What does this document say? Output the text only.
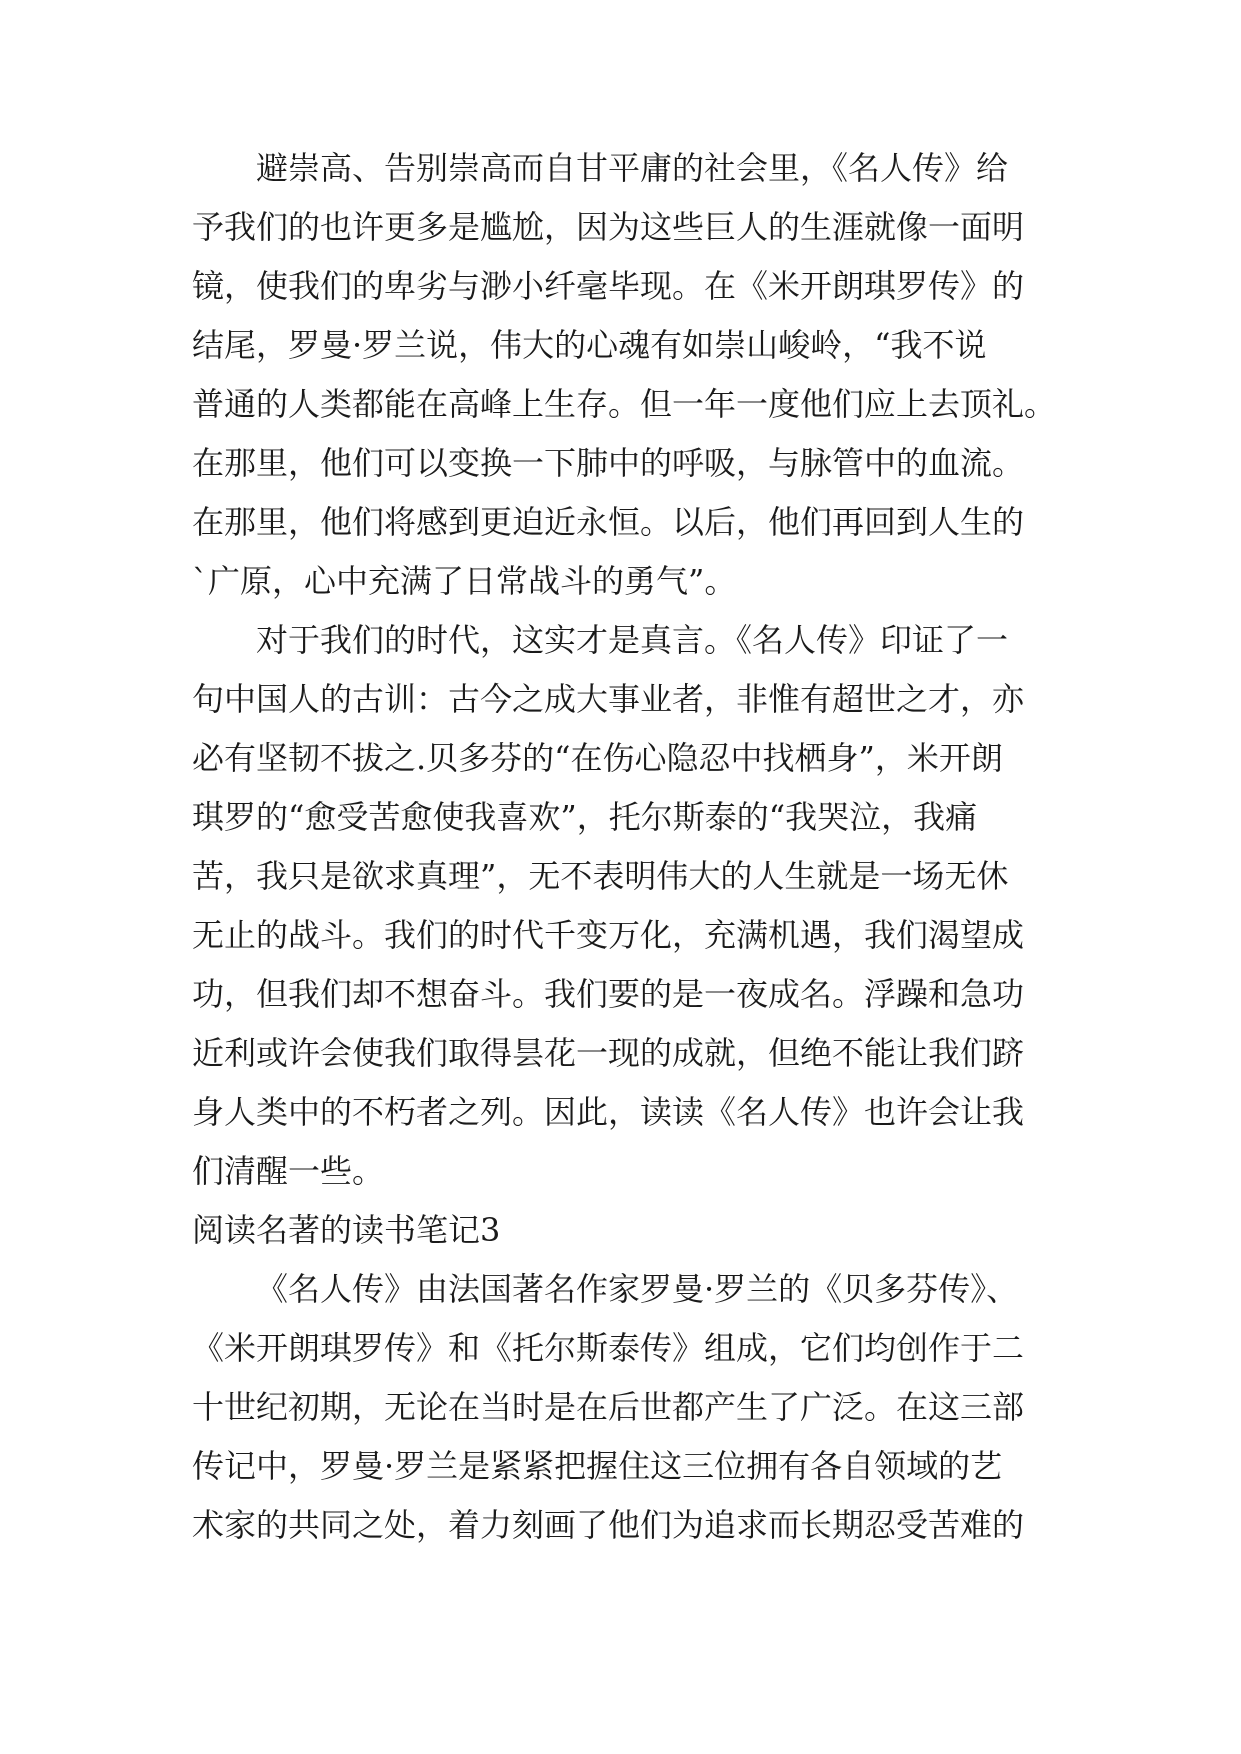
避崇高、告别崇高而自甘平庸的社会里，《名人传》给
予我们的也许更多是尴尬，因为这些巨人的生涯就像一面明
镜，使我们的卑劣与渺小纤毫毕现。在《米开朗琪罗传》的
结尾，罗曼·罗兰说，伟大的心魂有如崇山峻岭，“我不说
普通的人类都能在高峰上生存。但一年一度他们应上去顶礼。
在那里，他们可以变换一下肺中的呼吸，与脉管中的血流。
在那里，他们将感到更迫近永恒。以后，他们再回到人生的
`广原，心中充满了日常战斗的勇气”。
对于我们的时代，这实才是真言。《名人传》印证了一
句中国人的古训：古今之成大事业者，非惟有超世之才，亦
必有坚韧不拔之.贝多芬的“在伤心隐忍中找栖身”，米开朗
琪罗的“愈受苦愈使我喜欢”，托尔斯泰的“我哭泣，我痛
苦，我只是欲求真理”，无不表明伟大的人生就是一场无休
无止的战斗。我们的时代千变万化，充满机遇，我们渴望成
功，但我们却不想奋斗。我们要的是一夜成名。浮躁和急功
近利或许会使我们取得昙花一现的成就，但绝不能让我们跻
身人类中的不朽者之列。因此，读读《名人传》也许会让我
们清醒一些。
阅读名著的读书笔记3
《名人传》由法国著名作家罗曼·罗兰的《贝多芬传》、
《米开朗琪罗传》和《托尔斯泰传》组成，它们均创作于二
十世纪初期，无论在当时是在后世都产生了广泛。在这三部
传记中，罗曼·罗兰是紧紧把握住这三位拥有各自领域的艺
术家的共同之处，着力刻画了他们为追求而长期忍受苦难的
